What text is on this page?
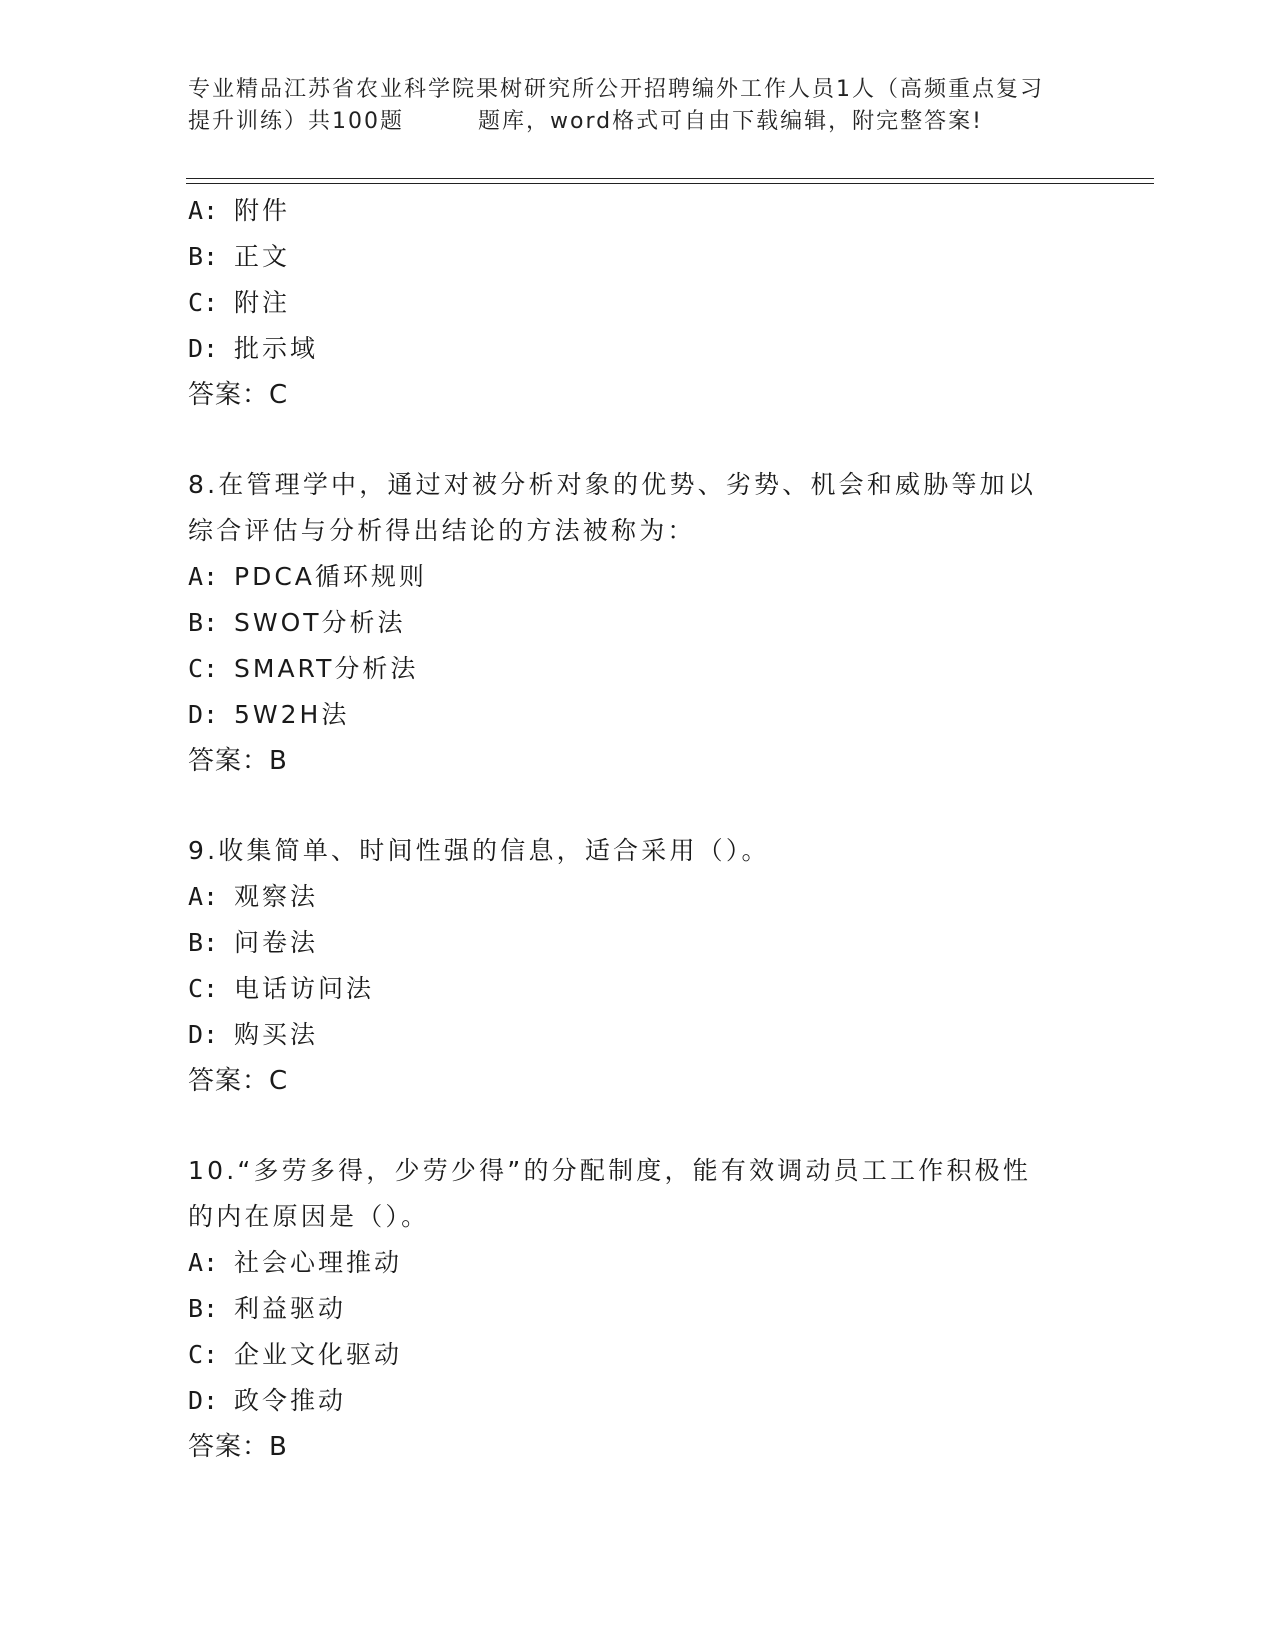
专业精品江苏省农业科学院果树研究所公开招聘编外工作人员1人（高频重点复习
提升训练）共100题	题库，word格式可自由下载编辑，附完整答案!
A: 附件
B: 正文
C: 附注
D: 批示域
答案：C
8.在管理学中，通过对被分析对象的优势、劣势、机会和威胁等加以
综合评估与分析得出结论的方法被称为：
A: PDCA循环规则
B: SWOT分析法
C: SMART分析法
D: 5W2H法
答案：B
9.收集简单、时间性强的信息，适合采用（）。
A: 观察法
B: 问卷法
C: 电话访问法
D: 购买法
答案：C
10.“多劳多得，少劳少得”的分配制度，能有效调动员工工作积极性
的内在原因是（）。
A: 社会心理推动
B: 利益驱动
C: 企业文化驱动
D: 政令推动
答案：B
